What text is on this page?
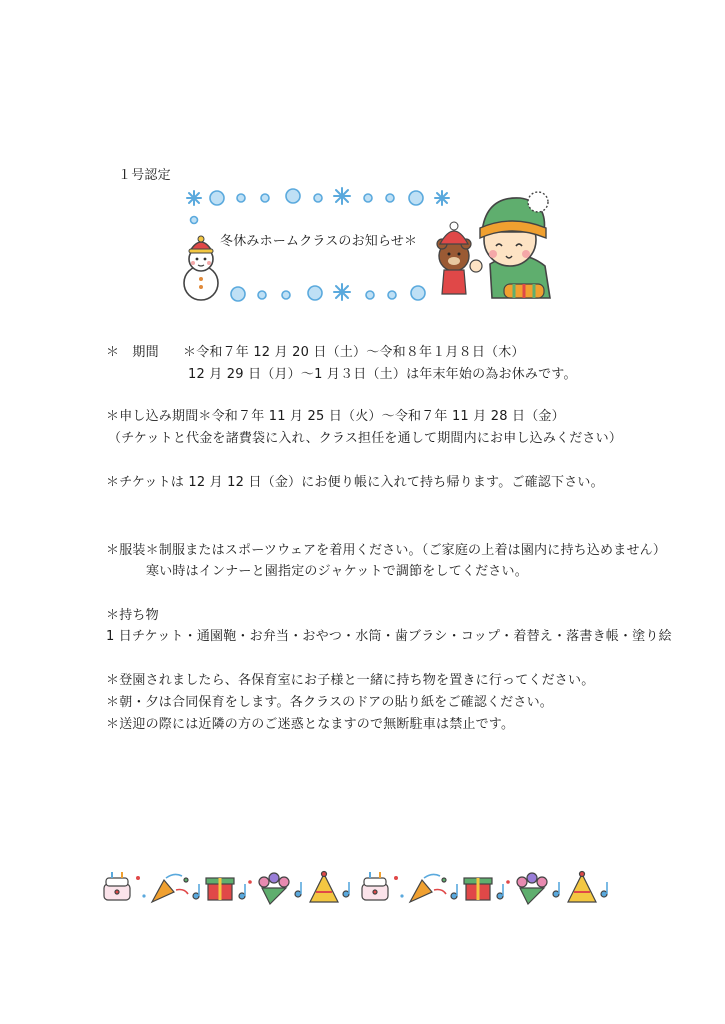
１号認定
冬休みホームクラスのお知らせ＊
＊　期間 ＊令和７年 12 月 20 日（土）～令和８年１月８日（木）
12 月 29 日（月）～1 月３日（土）は年末年始の為お休みです。
＊申し込み期間＊令和７年 11 月 25 日（火）～令和７年 11 月 28 日（金）
（チケットと代金を諸費袋に入れ、クラス担任を通して期間内にお申し込みください）
＊チケットは 12 月 12 日（金）にお便り帳に入れて持ち帰ります。ご確認下さい。
＊服装＊制服またはスポーツウェアを着用ください。（ご家庭の上着は園内に持ち込めません）
寒い時はインナーと園指定のジャケットで調節をしてください。
＊持ち物
1 日チケット・通園鞄・お弁当・おやつ・水筒・歯ブラシ・コップ・着替え・落書き帳・塗り絵
＊登園されましたら、各保育室にお子様と一緒に持ち物を置きに行ってください。
＊朝・夕は合同保育をします。各クラスのドアの貼り紙をご確認ください。
＊送迎の際には近隣の方のご迷惑となますので無断駐車は禁止です。
